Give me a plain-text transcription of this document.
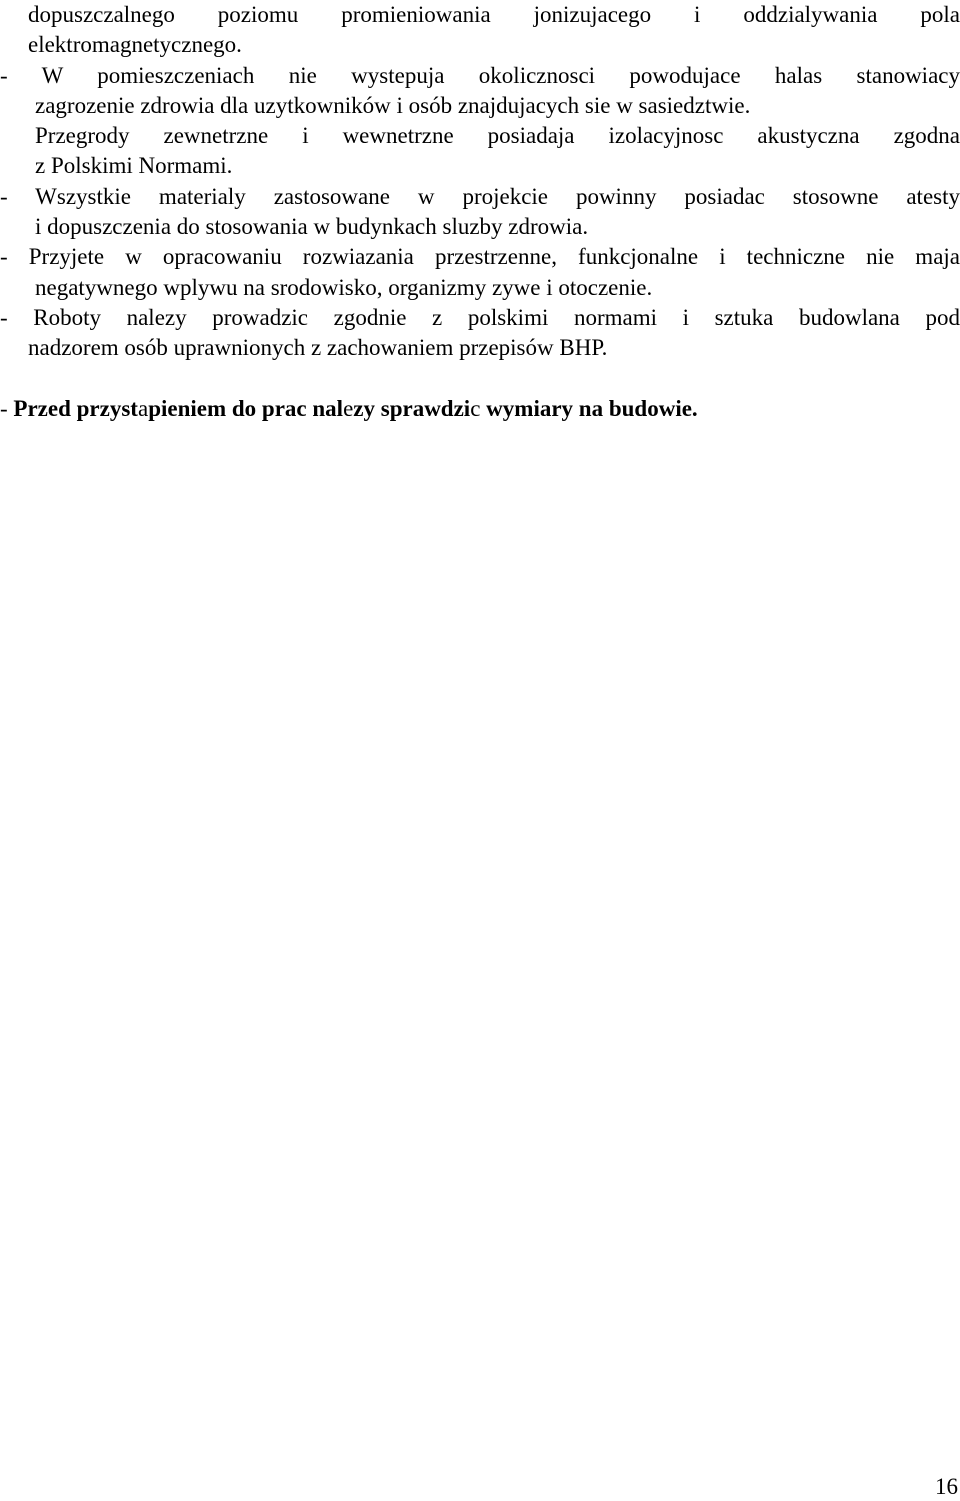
dopuszczalnego poziomu promieniowania jonizujacego i oddzialywania pola
elektromagnetycznego.
- W pomieszczeniach nie wystepuja okolicznosci powodujace halas stanowiacy
zagrozenie zdrowia dla uzytkowników i osób znajdujacych sie w sasiedztwie.
Przegrody zewnetrzne i wewnetrzne posiadaja izolacyjnosc akustyczna zgodna
z Polskimi Normami.
- Wszystkie materialy zastosowane w projekcie powinny posiadac stosowne atesty
i dopuszczenia do stosowania w budynkach sluzby zdrowia.
- Przyjete w opracowaniu rozwiazania przestrzenne, funkcjonalne i techniczne nie maja
negatywnego wplywu na srodowisko, organizmy zywe i otoczenie.
- Roboty nalezy prowadzic zgodnie z polskimi normami i sztuka budowlana pod
nadzorem osób uprawnionych z zachowaniem przepisów BHP.
- Przed przystapieniem do prac nalezy sprawdzic wymiary na budowie.
16
